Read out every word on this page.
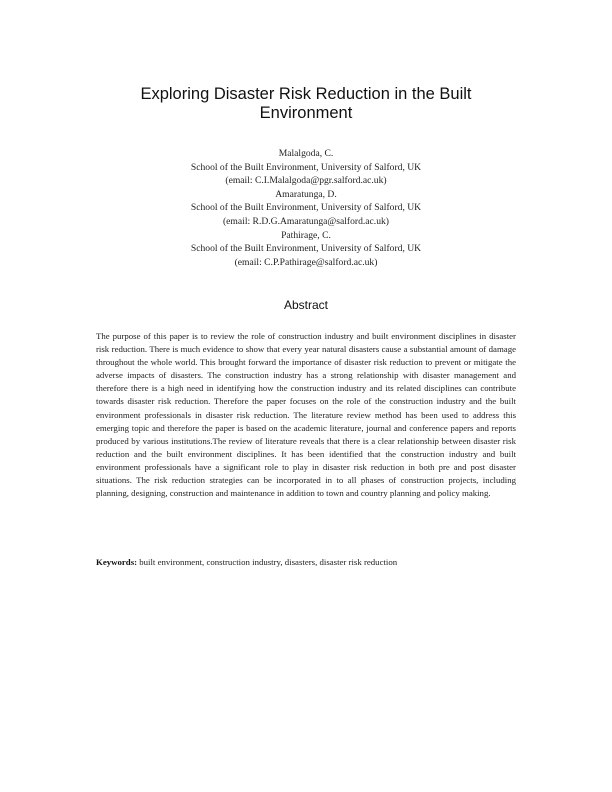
Exploring Disaster Risk Reduction in the Built
Environment
Malalgoda, C.
School of the Built Environment, University of Salford, UK
(email: C.I.Malalgoda@pgr.salford.ac.uk)
Amaratunga, D.
School of the Built Environment, University of Salford, UK
(email: R.D.G.Amaratunga@salford.ac.uk)
Pathirage, C.
School of the Built Environment, University of Salford, UK
(email: C.P.Pathirage@salford.ac.uk)
Abstract
The purpose of this paper is to review the role of construction industry and built environment disciplines in disaster risk reduction. There is much evidence to show that every year natural disasters cause a substantial amount of damage throughout the whole world. This brought forward the importance of disaster risk reduction to prevent or mitigate the adverse impacts of disasters. The construction industry has a strong relationship with disaster management and therefore there is a high need in identifying how the construction industry and its related disciplines can contribute towards disaster risk reduction. Therefore the paper focuses on the role of the construction industry and the built environment professionals in disaster risk reduction. The literature review method has been used to address this emerging topic and therefore the paper is based on the academic literature, journal and conference papers and reports produced by various institutions.The review of literature reveals that there is a clear relationship between disaster risk reduction and the built environment disciplines. It has been identified that the construction industry and built environment professionals have a significant role to play in disaster risk reduction in both pre and post disaster situations. The risk reduction strategies can be incorporated in to all phases of construction projects, including planning, designing, construction and maintenance in addition to town and country planning and policy making.
Keywords: built environment, construction industry, disasters, disaster risk reduction
